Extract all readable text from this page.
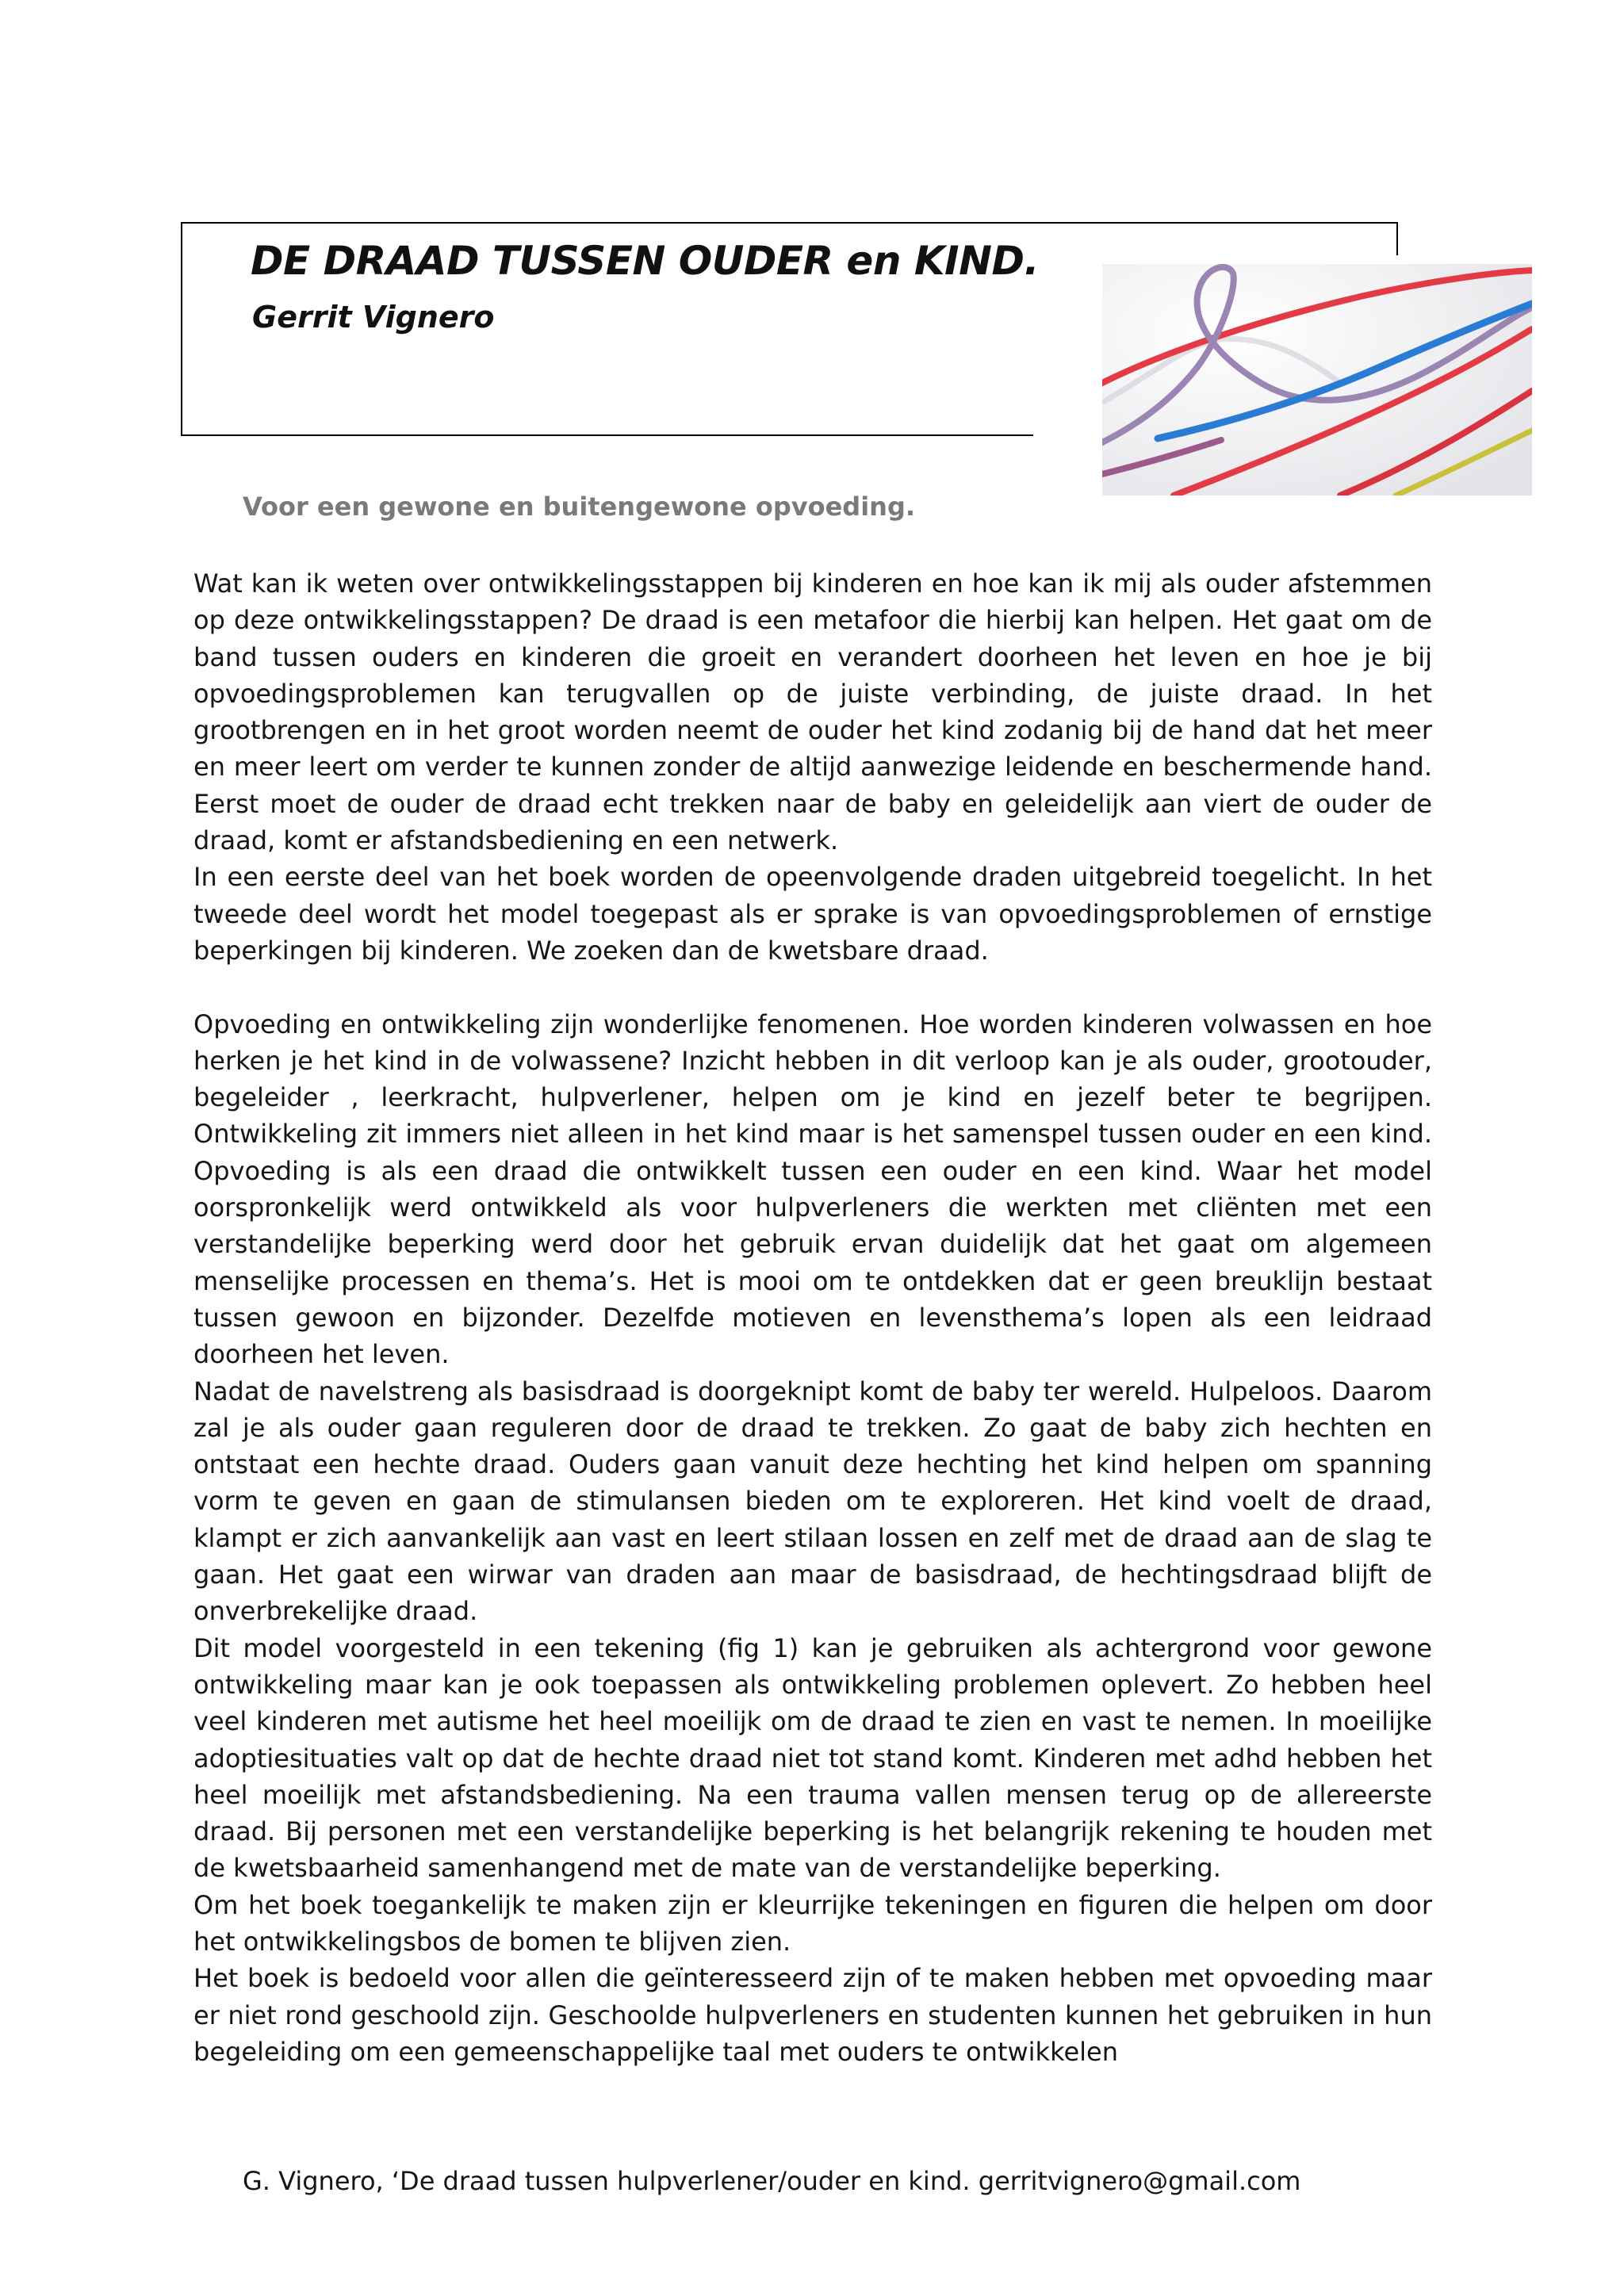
DE DRAAD TUSSEN OUDER en KIND.
Gerrit Vignero

Voor een gewone en buitengewone opvoeding.

Wat kan ik weten over ontwikkelingsstappen bij kinderen en hoe kan ik mij als ouder afstemmen op deze ontwikkelingsstappen? De draad is een metafoor die hierbij kan helpen. Het gaat om de band tussen ouders en kinderen die groeit en verandert doorheen het leven en hoe je bij opvoedingsproblemen kan terugvallen op de juiste verbinding, de juiste draad. In het grootbrengen en in het groot worden neemt de ouder het kind zodanig bij de hand dat het meer en meer leert om verder te kunnen zonder de altijd aanwezige leidende en beschermende hand. Eerst moet de ouder de draad echt trekken naar de baby en geleidelijk aan viert de ouder de draad, komt er afstandsbediening en een netwerk.

In een eerste deel van het boek worden de opeenvolgende draden uitgebreid toegelicht. In het tweede deel wordt het model toegepast als er sprake is van opvoedingsproblemen of ernstige beperkingen bij kinderen. We zoeken dan de kwetsbare draad.

Opvoeding en ontwikkeling zijn wonderlijke fenomenen. Hoe worden kinderen volwassen en hoe herken je het kind in de volwassene? Inzicht hebben in dit verloop kan je als ouder, grootouder, begeleider , leerkracht, hulpverlener, helpen om je kind en jezelf beter te begrijpen. Ontwikkeling zit immers niet alleen in het kind maar is het samenspel tussen ouder en een kind. Opvoeding is als een draad die ontwikkelt tussen een ouder en een kind. Waar het model oorspronkelijk werd ontwikkeld als voor hulpverleners die werkten met cliënten met een verstandelijke beperking werd door het gebruik ervan duidelijk dat het gaat om algemeen menselijke processen en thema’s. Het is mooi om te ontdekken dat er geen breuklijn bestaat tussen gewoon en bijzonder. Dezelfde motieven en levensthema’s lopen als een leidraad doorheen het leven.

Nadat de navelstreng als basisdraad is doorgeknipt komt de baby ter wereld. Hulpeloos. Daarom zal je als ouder gaan reguleren door de draad te trekken. Zo gaat de baby zich hechten en ontstaat een hechte draad. Ouders gaan vanuit deze hechting het kind helpen om spanning vorm te geven en gaan de stimulansen bieden om te exploreren. Het kind voelt de draad, klampt er zich aanvankelijk aan vast en leert stilaan lossen en zelf met de draad aan de slag te gaan. Het gaat een wirwar van draden aan maar de basisdraad, de hechtingsdraad blijft de onverbrekelijke draad.

Dit model voorgesteld in een tekening (fig 1) kan je gebruiken als achtergrond voor gewone ontwikkeling maar kan je ook toepassen als ontwikkeling problemen oplevert. Zo hebben heel veel kinderen met autisme het heel moeilijk om de draad te zien en vast te nemen. In moeilijke adoptiesituaties valt op dat de hechte draad niet tot stand komt. Kinderen met adhd hebben het heel moeilijk met afstandsbediening. Na een trauma vallen mensen terug op de allereerste draad. Bij personen met een verstandelijke beperking is het belangrijk rekening te houden met de kwetsbaarheid samenhangend met de mate van de verstandelijke beperking.

Om het boek toegankelijk te maken zijn er kleurrijke tekeningen en figuren die helpen om door het ontwikkelingsbos de bomen te blijven zien.

Het boek is bedoeld voor allen die geïnteresseerd zijn of te maken hebben met opvoeding maar er niet rond geschoold zijn. Geschoolde hulpverleners en studenten kunnen het gebruiken in hun begeleiding om een gemeenschappelijke taal met ouders te ontwikkelen

G. Vignero, ‘De draad tussen hulpverlener/ouder en kind. gerritvignero@gmail.com
